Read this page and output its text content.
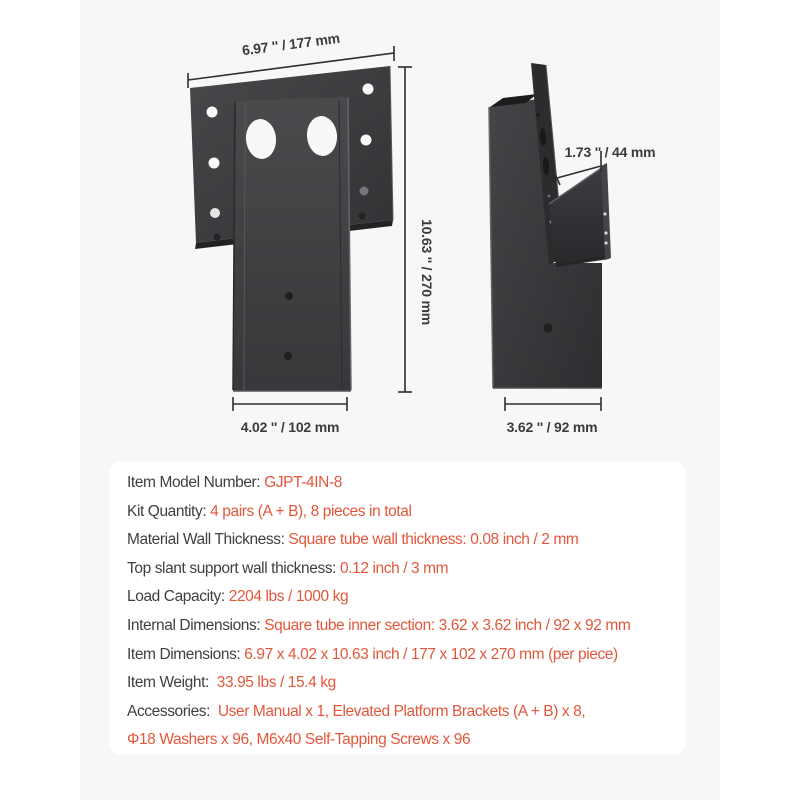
6.97 '' / 177 mm
10.63 '' / 270 mm
4.02 '' / 102 mm	3.62 '' / 92 mm
1.73 '' / 44 mm
Item Model Number: GJPT-4IN-8
Kit Quantity: 4 pairs (A + B), 8 pieces in total
Material Wall Thickness: Square tube wall thickness: 0.08 inch / 2 mm
Top slant support wall thickness: 0.12 inch / 3 mm
Load Capacity: 2204 lbs / 1000 kg
Internal Dimensions: Square tube inner section: 3.62 x 3.62 inch / 92 x 92 mm
Item Dimensions: 6.97 x 4.02 x 10.63 inch / 177 x 102 x 270 mm (per piece)
Item Weight:  33.95 lbs / 15.4 kg
Accessories:  User Manual x 1, Elevated Platform Brackets (A + B) x 8,
Φ18 Washers x 96, M6x40 Self-Tapping Screws x 96
